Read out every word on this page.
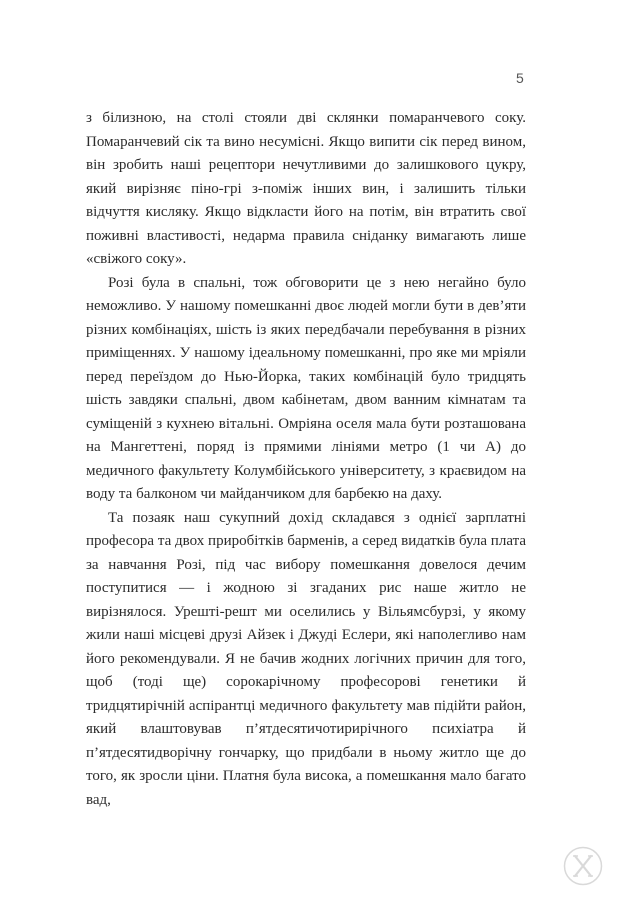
5

з білизною, на столі стояли дві склянки помаранчевого соку. Помаранчевий сік та вино несумісні. Якщо випити сік перед вином, він зробить наші рецептори нечутливими до залишкового цукру, який вирізняє піно-грі з-поміж інших вин, і залишить тільки відчуття кисляку. Якщо відкласти його на потім, він втратить свої поживні властивості, недарма правила сніданку вимагають лише «свіжого соку».

Розі була в спальні, тож обговорити це з нею негайно було неможливо. У нашому помешканні двоє людей могли бути в дев’яти різних комбінаціях, шість із яких передбачали перебування в різних приміщеннях. У нашому ідеальному помешканні, про яке ми мріяли перед переїздом до Нью-Йорка, таких комбінацій було тридцять шість завдяки спальні, двом кабінетам, двом ванним кімнатам та суміщеній з кухнею вітальні. Омріяна оселя мала бути розташована на Мангеттені, поряд із прямими лініями метро (1 чи A) до медичного факультету Колумбійського університету, з краєвидом на воду та балконом чи майданчиком для барбекю на даху.

Та позаяк наш сукупний дохід складався з однієї зарплатні професора та двох приробітків барменів, а серед видатків була плата за навчання Розі, під час вибору помешкання довелося дечим поступитися — і жодною зі згаданих рис наше житло не вирізнялося. Урешті-решт ми оселились у Вільямсбурзі, у якому жили наші місцеві друзі Айзек і Джуді Еслери, які наполегливо нам його рекомендували. Я не бачив жодних логічних причин для того, щоб (тоді ще) сорокарічному професорові генетики й тридцятирічній аспірантці медичного факультету мав підійти район, який влаштовував п’ятдесятичотирирічного психіатра й п’ятдесятидворічну гончарку, що придбали в ньому житло ще до того, як зросли ціни. Платня була висока, а помешкання мало багато вад,
